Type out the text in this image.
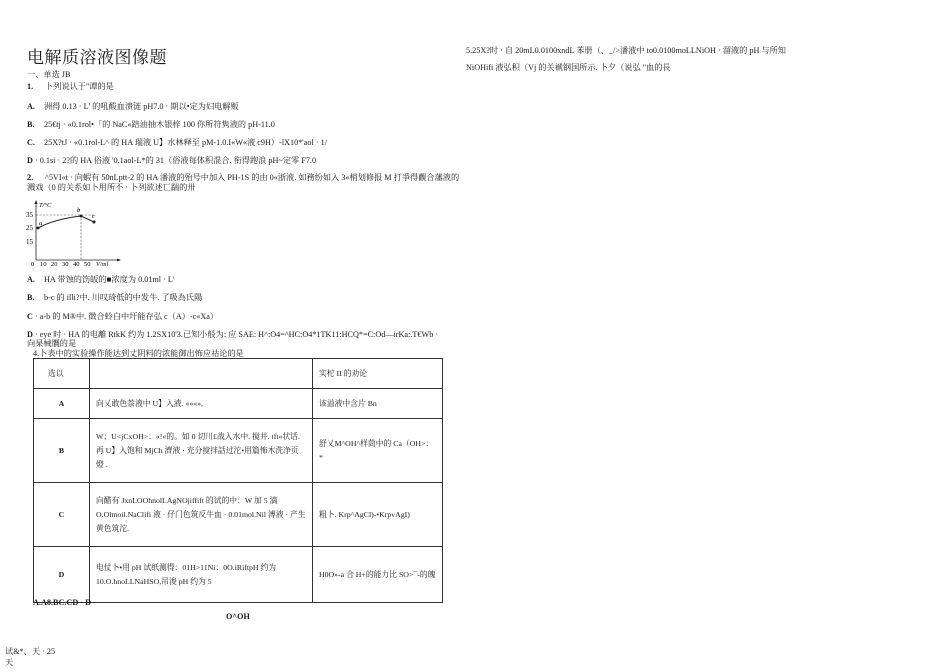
电解质溶液图像题
一、单选 JB
1. 卜列说认于"谭的是
A. 洲得 0.13 · L' 的吼酸血溃涟 pH7.0 · 期以•定为妇电解贩
B. 25€tj · «0.1rol•「的 NaC«踣油抽木银梓 100 你所符隽液的 pH-11.0
C. 25X?tJ · «0.1rol-L^ 的 HA 瑞液 U】水林释至 pM-1.0.I«W«液 c9H）-lX10*'aol · 1/
D · 0.1si · 2?的 HA 俗液 '0.1aol-L*的 31（俗液每体积混合. 衔得跑浪 pH~定零 F7.0
2. ^5VI«t · 向蝦有 50nLptt-2 的 HA 潘液的殆号中加入 PH-1S 的由 0«浙液. 如務纷如入 3«梢划修报 M 打爭得觀合藩液的
溅戏（0 的关系如卜用所不 · 卜列欲述匸踹的卅
T/°C
35
25
15
a
b
c
0 10 20 30 40 50 V/ml
A. HA 带蚀的饬皈的■浓度为 0.01ml · L'
B. b-c 的 illi?中. 川叹琦低的中发牛. 了吸為氏陽
C · a-b 的 M®中. 徴合蛉白中圩能存弘 c（A）-c«Xa）
D · eye 时 · HA 的电離 RtkK 约为 1.2SX10'3.已知小般为: 应 SAE: H^:O4=^HC:O4*1TK11:HCQ*=C:Od—irKa:.T€Wb ·
向杲械贋的是
4.卜表中的实验操作能达到丈阴料的浓能御出怖应祜论的是
选以		实柁 II 的劝论
A	向乂敢色萘液中 U】入液. «»«»,	该溢液中含片 Bn
B	W；U<jCxOH>：«!«的。如 0 切川£战入水中. 搅井. tft«状话. 再 U】入饱和 MjCh 濟液 · 充分搅拌話过沱•用篇怖木洗净页燈 .	舒乂M^OH^样茼中的 Ca（OH>：*
C	向醋有 JxnLOOhnolLAgNOjiffift 的试的中：W 加 5 滴 O.Olmoil.NaClifi 液 · 仔门色筑反牛血 · 0.01mol.Nil 溥液 · 产生黄色筑沱.	粗卜. Krp^AgCl)-•KrpvAgI)
D	电仗卜•用 pH 试纸测得：01H>11Ni：0O.iRiftpH 约为 10.O.hnoLLNaHSO,吊浚 pH 约为 5	H0O»-a 合 H+的能力比 SO>¯-的魄
A.A8.BC.CD · D
O^OH
试&*、天 · 25
天
5.25X?时 · 自 20mL0.0100xndL 苯册（、_/>潘液中 to0.0100moLLNiOH · 溜液的 pH 与所知
NiOHifi 液弘积（Vj 的关褫钢国所示. 卜夕（说弘 "血的長
